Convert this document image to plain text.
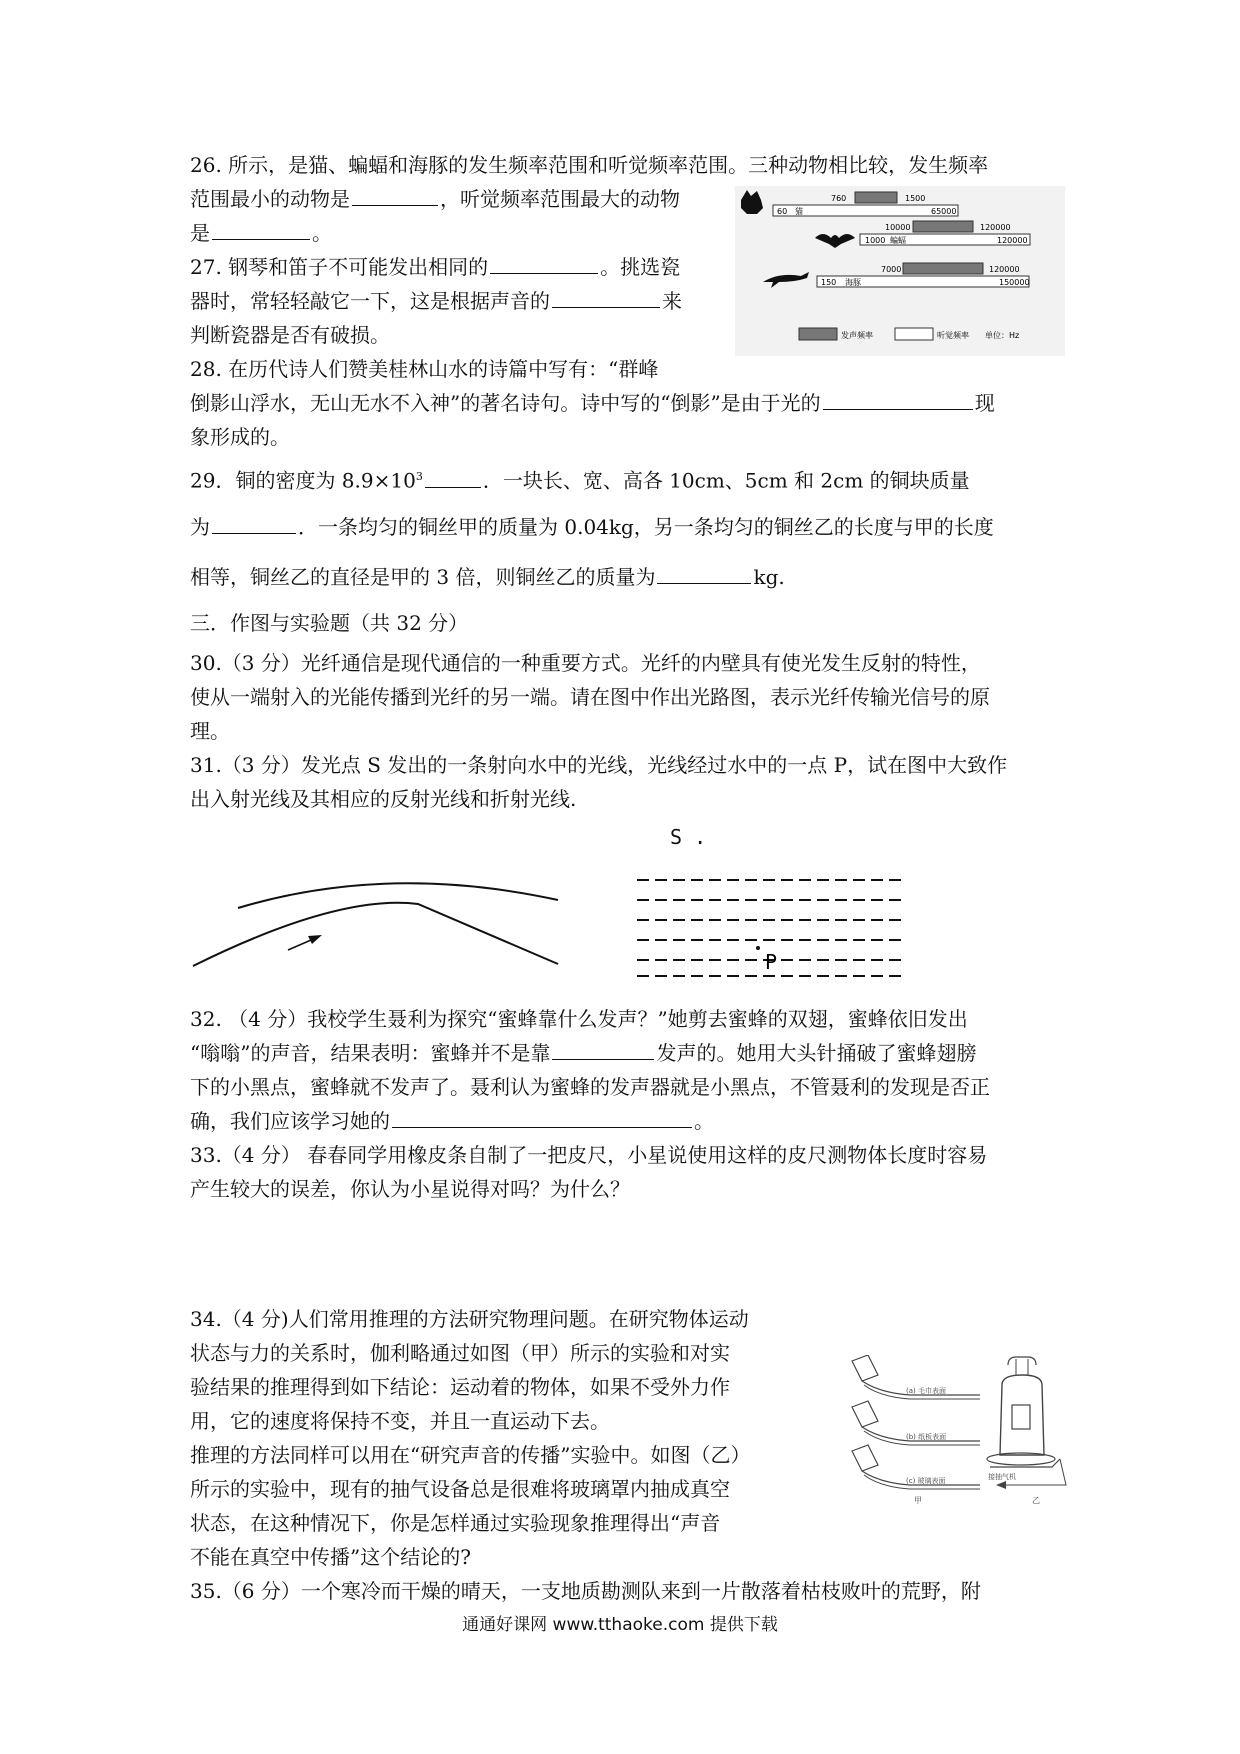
26. 所示，是猫、蝙蝠和海豚的发生频率范围和听觉频率范围。三种动物相比较，发生频率
范围最小的动物是	，听觉频率范围最大的动物
是	。
760	1500
60 猫	65000
10000	120000
1000 蝙蝠	120000
7000	120000
150 海豚	150000
发声频率	听觉频率 单位：Hz
27. 钢琴和笛子不可能发出相同的	。挑选瓷
器时，常轻轻敲它一下，这是根据声音的	来
判断瓷器是否有破损。
28. 在历代诗人们赞美桂林山水的诗篇中写有：“群峰
倒影山浮水，无山无水不入神”的著名诗句。诗中写的“倒影”是由于光的	现
象形成的。
29．铜的密度为 $8.9\times 10^3$	．一块长、宽、高各 10cm、5cm 和 2cm 的铜块质量
为	．一条均匀的铜丝甲的质量为 0.04kg，另一条均匀的铜丝乙的长度与甲的长度
相等，铜丝乙的直径是甲的 3 倍，则铜丝乙的质量为	kg.
三．作图与实验题（共 32 分）
30.（3 分）光纤通信是现代通信的一种重要方式。光纤的内壁具有使光发生反射的特性，
使从一端射入的光能传播到光纤的另一端。请在图中作出光路图，表示光纤传输光信号的原
理。
31.（3 分）发光点 S 发出的一条射向水中的光线，光线经过水中的一点 P，试在图中大致作
出入射光线及其相应的反射光线和折射光线.
S .
P
32. （4 分）我校学生聂利为探究“蜜蜂靠什么发声？”她剪去蜜蜂的双翅，蜜蜂依旧发出
“嗡嗡”的声音，结果表明：蜜蜂并不是靠	发声的。她用大头针捅破了蜜蜂翅膀
下的小黑点，蜜蜂就不发声了。聂利认为蜜蜂的发声器就是小黑点，不管聂利的发现是否正
确，我们应该学习她的	。
33.（4 分） 春春同学用橡皮条自制了一把皮尺，小星说使用这样的皮尺测物体长度时容易
产生较大的误差，你认为小星说得对吗？为什么？
34.（4 分)人们常用推理的方法研究物理问题。在研究物体运动
状态与力的关系时，伽利略通过如图（甲）所示的实验和对实
验结果的推理得到如下结论：运动着的物体，如果不受外力作
用，它的速度将保持不变，并且一直运动下去。
推理的方法同样可以用在“研究声音的传播”实验中。如图（乙）
所示的实验中，现有的抽气设备总是很难将玻璃罩内抽成真空
状态，在这种情况下，你是怎样通过实验现象推理得出“声音
不能在真空中传播”这个结论的?
(a) 毛巾表面
(b) 纸板表面
(c) 玻璃表面
甲
接抽气机
乙
35.（6 分）一个寒冷而干燥的晴天，一支地质勘测队来到一片散落着枯枝败叶的荒野，附
通通好课网 www.tthaoke.com 提供下载
